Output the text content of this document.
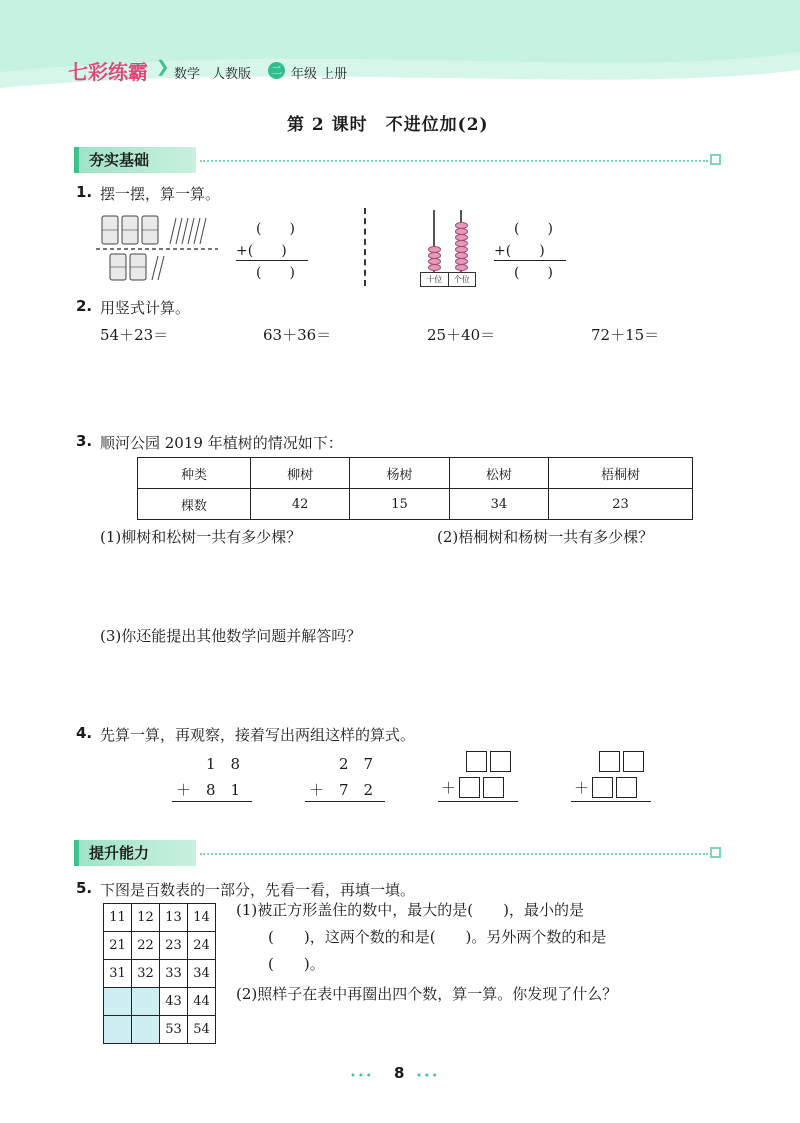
七彩练霸 ❯ 数学 人教版 二 年级 上册
第 2 课时　不进位加(2)
夯实基础
1. 摆一摆，算一算。
(　　)
+(　　)
(　　)	十位	个位
(　　)
+(　　)
(　　)
2. 用竖式计算。
54＋23＝	63＋36＝	25＋40＝	72＋15＝
3. 顺河公园 2019 年植树的情况如下：
种类	柳树	杨树	松树	梧桐树
棵数	42	15	34	23
(1)柳树和松树一共有多少棵？	(2)梧桐树和杨树一共有多少棵？
(3)你还能提出其他数学问题并解答吗？
4. 先算一算，再观察，接着写出两组这样的算式。
1　8
＋　8　1
2　7
＋　7　2	＋	＋
提升能力
5. 下图是百数表的一部分，先看一看，再填一填。
11	12	13	14
21	22	23	24
31	32	33	34
		43	44
		53	54
(1)被正方形盖住的数中，最大的是(　　)，最小的是
(　　)，这两个数的和是(　　)。另外两个数的和是
(　　)。
(2)照样子在表中再圈出四个数，算一算。你发现了什么？
••• 8 •••
